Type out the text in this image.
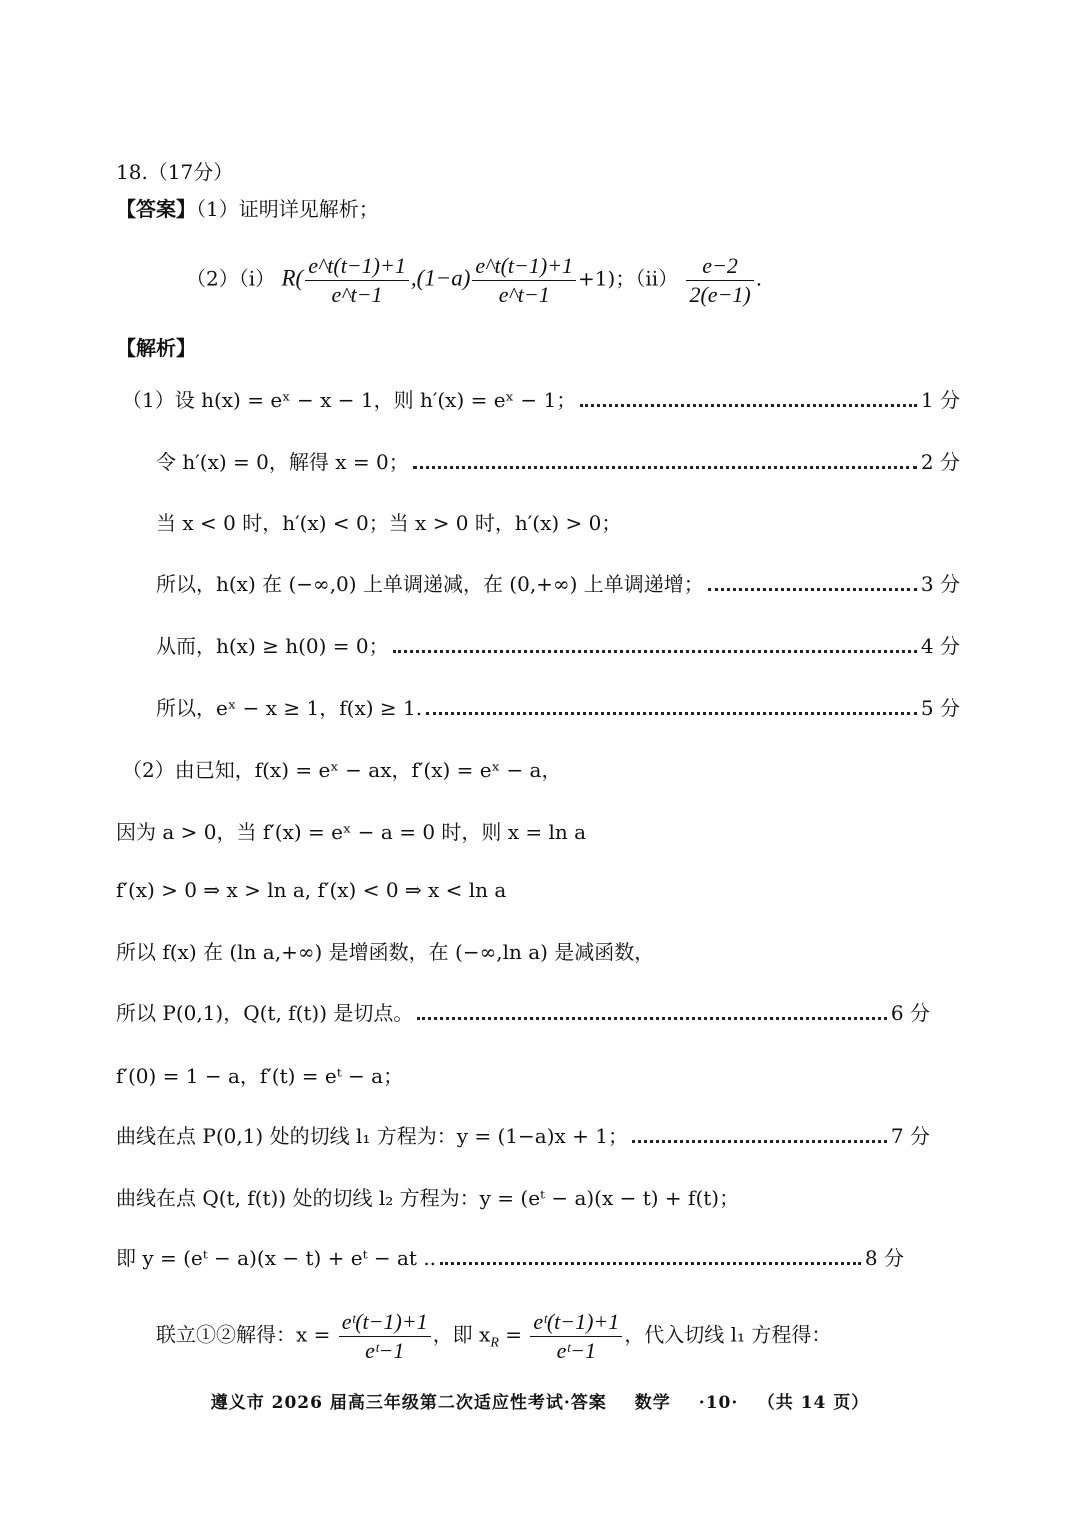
18.（17分）
【答案】（1）证明详见解析；
（2）（i） $R( \frac{e\^{}t(t-1)+1}{e\^{}t-1} ,(1-a) \frac{e\^{}t(t-1)+1}{e\^{}t-1} +1)$；$(ii) \frac{e-2}{2(e-1)}$ .
【解析】
（1）设 h(x) = eˣ − x − 1，则 h′(x) = eˣ − 1；	1 分
令 h′(x) = 0，解得 x = 0；	2 分
当 x < 0 时，h′(x) < 0；当 x > 0 时，h′(x) > 0；
所以，h(x) 在 (−∞,0) 上单调递减，在 (0,+∞) 上单调递增；	3 分
从而，h(x) ≥ h(0) = 0；	4 分
所以，eˣ − x ≥ 1，f(x) ≥ 1.	5 分
（2）由已知，f(x) = eˣ − ax，f′(x) = eˣ − a，
因为 a > 0，当 f′(x) = eˣ − a = 0 时，则 x = ln a
f′(x) > 0 ⇒ x > ln a, f′(x) < 0 ⇒ x < ln a
所以 f(x) 在 (ln a,+∞) 是增函数，在 (−∞,ln a) 是减函数，
所以 P(0,1)，Q(t, f(t)) 是切点。	6 分
f′(0) = 1 − a，f′(t) = eᵗ − a；
曲线在点 P(0,1) 处的切线 l₁ 方程为：y = (1−a)x + 1；	7 分
曲线在点 Q(t, f(t)) 处的切线 l₂ 方程为：y = (eᵗ − a)(x − t) + f(t)；
即 y = (eᵗ − a)(x − t) + eᵗ − at ..	8 分
联立①②解得：$x = \frac{\text{eᵗ(t−1)+1}}{\text{eᵗ−1}}$ ，即 $x_R = \frac{\text{eᵗ(t−1)+1}}{\text{eᵗ−1}}$ ，代入切线 l₁ 方程得：
遵义市 2026 届高三年级第二次适应性考试·答案 数学 ·10· （共 14 页）
